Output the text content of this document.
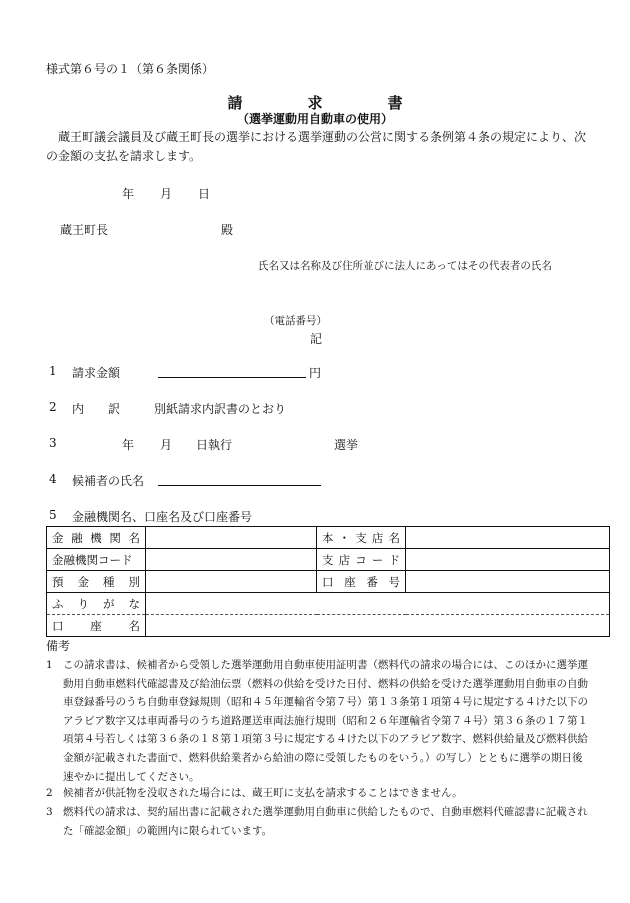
様式第６号の１（第６条関係）
請	求	書
（選挙運動用自動車の使用）
蔵王町議会議員及び蔵王町長の選挙における選挙運動の公営に関する条例第４条の規定により、次の金額の支払を請求します。
年 月 日
蔵王町長	殿
氏名又は名称及び住所並びに法人にあってはその代表者の氏名
（電話番号）
記
1 請求金額	円
2 内 訳	別紙請求内訳書のとおり
3	年 月 日執行	選挙
4 候補者の氏名
5 金融機関名、口座名及び口座番号
金 融 機 関 名		本 ・ 支 店 名	

金融機関コード		支 店 コ ー ド	

預 金 種 別		口 座 番 号	

ふ り が な			

口 座 名			

備考
1 この請求書は、候補者から受領した選挙運動用自動車使用証明書（燃料代の請求の場合には、このほかに選挙運動用自動車燃料代確認書及び給油伝票（燃料の供給を受けた日付、燃料の供給を受けた選挙運動用自動車の自動車登録番号のうち自動車登録規則（昭和４５年運輸省令第７号）第１３条第１項第４号に規定する４けた以下のアラビア数字又は車両番号のうち道路運送車両法施行規則（昭和２６年運輸省令第７４号）第３６条の１７第１項第４号若しくは第３６条の１８第１項第３号に規定する４けた以下のアラビア数字、燃料供給量及び燃料供給金額が記載された書面で、燃料供給業者から給油の際に受領したものをいう。）の写し）とともに選挙の期日後速やかに提出してください。
2 候補者が供託物を没収された場合には、蔵王町に支払を請求することはできません。
3 燃料代の請求は、契約届出書に記載された選挙運動用自動車に供給したもので、自動車燃料代確認書に記載された「確認金額」の範囲内に限られています。
